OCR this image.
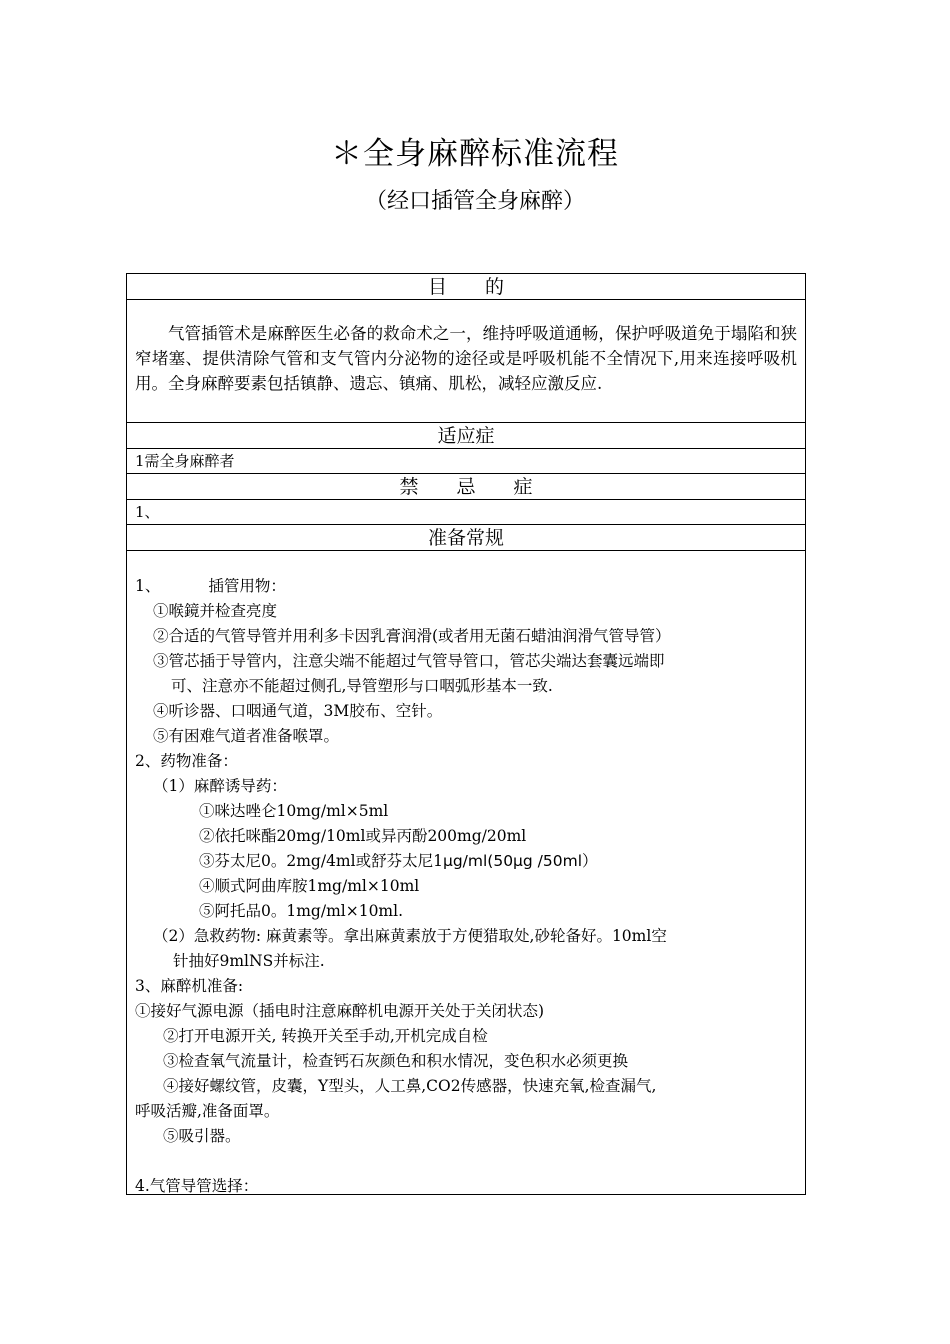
＊全身麻醉标准流程
（经口插管全身麻醉）
目　　的
气管插管术是麻醉医生必备的救命术之一，维持呼吸道通畅，保护呼吸道免于塌陷和狭窄堵塞、提供清除气管和支气管内分泌物的途径或是呼吸机能不全情况下,用来连接呼吸机用。全身麻醉要素包括镇静、遗忘、镇痛、肌松，减轻应激反应.
适应症
1需全身麻醉者
禁　　忌　　症
1、
准备常规
1、	插管用物：
①喉鏡并检查亮度
②合适的气管导管并用利多卡因乳膏润滑(或者用无菌石蜡油润滑气管导管）
③管芯插于导管内，注意尖端不能超过气管导管口，管芯尖端达套囊远端即
可、注意亦不能超过侧孔,导管塑形与口咽弧形基本一致.
④听诊器、口咽通气道，3M胶布、空针。
⑤有困难气道者准备喉罩。
2、药物准备：
（1）麻醉诱导药：
①咪达唑仑10mg/ml×5ml
②依托咪酯20mg/10ml或异丙酚200mg/20ml
③芬太尼0。2mg/4ml或舒芬太尼1μg/ml(50μg /50ml）
④顺式阿曲库胺1mg/ml×10ml
⑤阿托品0。1mg/ml×10ml.
（2）急救药物: 麻黄素等。拿出麻黄素放于方便猎取处,砂轮备好。10ml空
针抽好9mlNS并标注.
3、麻醉机准备:
①接好气源电源（插电时注意麻醉机电源开关处于关闭状态)
②打开电源开关, 转换开关至手动,开机完成自检
③检查氧气流量计，检查钙石灰颜色和积水情况，变色积水必须更换
④接好螺纹管，皮囊，Y型头，人工鼻,CO2传感器，快速充氧,检查漏气,
呼吸活瓣,准备面罩。
⑤吸引器。
4.气管导管选择：
